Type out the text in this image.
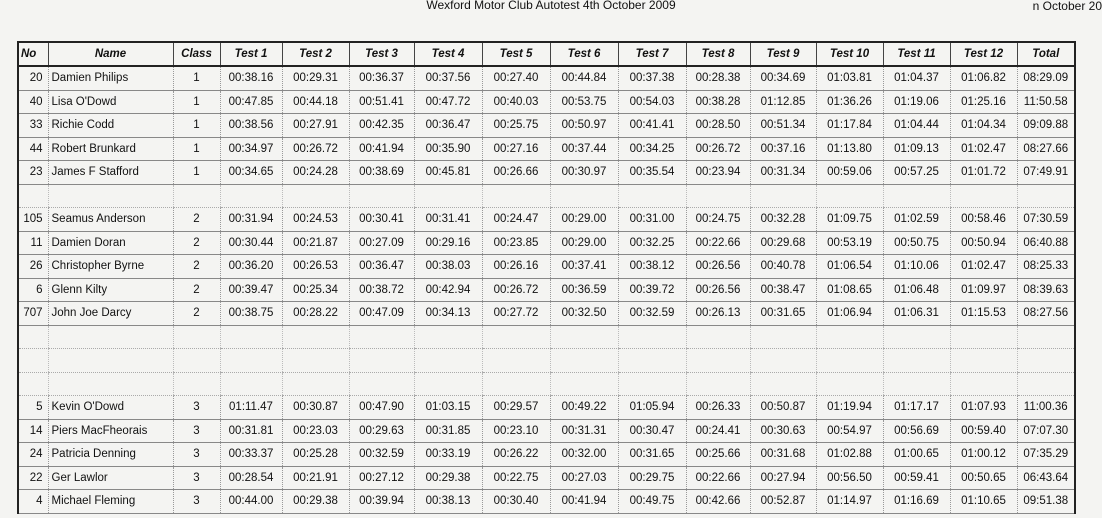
Wexford Motor Club Autotest 4th October 2009	n October 20
No	Name	Class	Test 1	Test 2	Test 3	Test 4	Test 5	Test 6	Test 7	Test 8	Test 9	Test 10	Test 11	Test 12	Total
20	Damien Philips	1	00:38.16	00:29.31	00:36.37	00:37.56	00:27.40	00:44.84	00:37.38	00:28.38	00:34.69	01:03.81	01:04.37	01:06.82	08:29.09
40	Lisa O'Dowd	1	00:47.85	00:44.18	00:51.41	00:47.72	00:40.03	00:53.75	00:54.03	00:38.28	01:12.85	01:36.26	01:19.06	01:25.16	11:50.58
33	Richie Codd	1	00:38.56	00:27.91	00:42.35	00:36.47	00:25.75	00:50.97	00:41.41	00:28.50	00:51.34	01:17.84	01:04.44	01:04.34	09:09.88
44	Robert Brunkard	1	00:34.97	00:26.72	00:41.94	00:35.90	00:27.16	00:37.44	00:34.25	00:26.72	00:37.16	01:13.80	01:09.13	01:02.47	08:27.66
23	James F Stafford	1	00:34.65	00:24.28	00:38.69	00:45.81	00:26.66	00:30.97	00:35.54	00:23.94	00:31.34	00:59.06	00:57.25	01:01.72	07:49.91

105	Seamus Anderson	2	00:31.94	00:24.53	00:30.41	00:31.41	00:24.47	00:29.00	00:31.00	00:24.75	00:32.28	01:09.75	01:02.59	00:58.46	07:30.59
11	Damien Doran	2	00:30.44	00:21.87	00:27.09	00:29.16	00:23.85	00:29.00	00:32.25	00:22.66	00:29.68	00:53.19	00:50.75	00:50.94	06:40.88
26	Christopher Byrne	2	00:36.20	00:26.53	00:36.47	00:38.03	00:26.16	00:37.41	00:38.12	00:26.56	00:40.78	01:06.54	01:10.06	01:02.47	08:25.33
6	Glenn Kilty	2	00:39.47	00:25.34	00:38.72	00:42.94	00:26.72	00:36.59	00:39.72	00:26.56	00:38.47	01:08.65	01:06.48	01:09.97	08:39.63
707	John Joe Darcy	2	00:38.75	00:28.22	00:47.09	00:34.13	00:27.72	00:32.50	00:32.59	00:26.13	00:31.65	01:06.94	01:06.31	01:15.53	08:27.56

5	Kevin O'Dowd	3	01:11.47	00:30.87	00:47.90	01:03.15	00:29.57	00:49.22	01:05.94	00:26.33	00:50.87	01:19.94	01:17.17	01:07.93	11:00.36
14	Piers MacFheorais	3	00:31.81	00:23.03	00:29.63	00:31.85	00:23.10	00:31.31	00:30.47	00:24.41	00:30.63	00:54.97	00:56.69	00:59.40	07:07.30
24	Patricia Denning	3	00:33.37	00:25.28	00:32.59	00:33.19	00:26.22	00:32.00	00:31.65	00:25.66	00:31.68	01:02.88	01:00.65	01:00.12	07:35.29
22	Ger Lawlor	3	00:28.54	00:21.91	00:27.12	00:29.38	00:22.75	00:27.03	00:29.75	00:22.66	00:27.94	00:56.50	00:59.41	00:50.65	06:43.64
4	Michael Fleming	3	00:44.00	00:29.38	00:39.94	00:38.13	00:30.40	00:41.94	00:49.75	00:42.66	00:52.87	01:14.97	01:16.69	01:10.65	09:51.38
